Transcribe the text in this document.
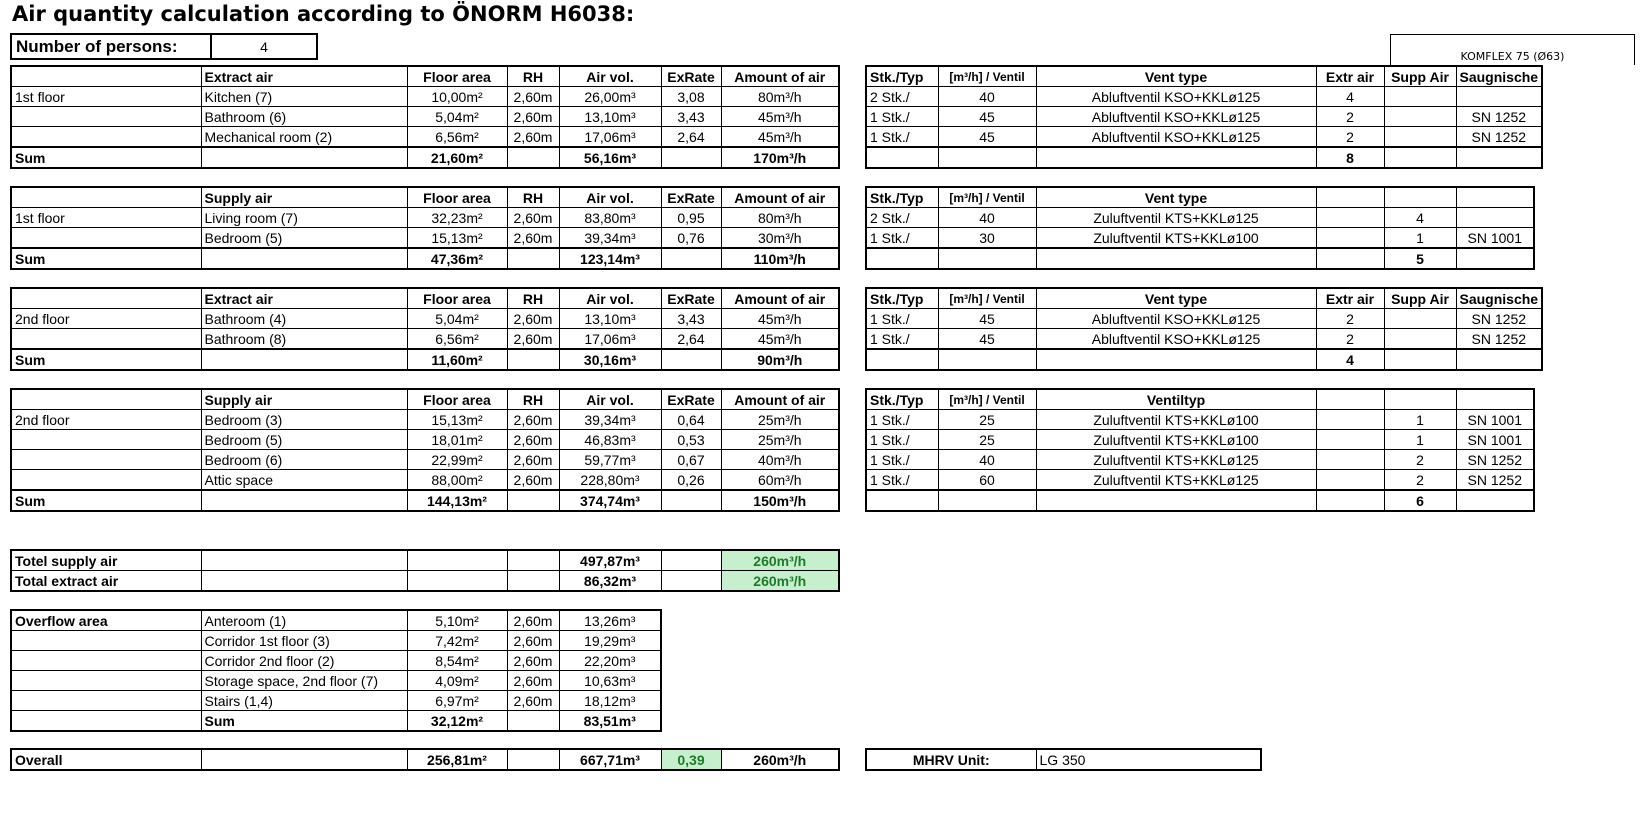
Air quantity calculation according to ÖNORM H6038:
Number of persons:	4
KOMFLEX 75 (Ø63)
	Extract air	Floor area	RH	Air vol.	ExRate	Amount of air
1st floor	Kitchen (7)	10,00m²	2,60m	26,00m³	3,08	80m³/h
	Bathroom (6)	5,04m²	2,60m	13,10m³	3,43	45m³/h
	Mechanical room (2)	6,56m²	2,60m	17,06m³	2,64	45m³/h
Sum		21,60m²		56,16m³		170m³/h
Stk./Typ	[m³/h] / Ventil	Vent type	Extr air	Supp Air	Saugnische
2 Stk./	40	Abluftventil KSO+KKLø125	4		
1 Stk./	45	Abluftventil KSO+KKLø125	2		SN 1252
1 Stk./	45	Abluftventil KSO+KKLø125	2		SN 1252
			8		
	Supply air	Floor area	RH	Air vol.	ExRate	Amount of air
1st floor	Living room (7)	32,23m²	2,60m	83,80m³	0,95	80m³/h
	Bedroom (5)	15,13m²	2,60m	39,34m³	0,76	30m³/h
Sum		47,36m²		123,14m³		110m³/h
Stk./Typ	[m³/h] / Ventil	Vent type			
2 Stk./	40	Zuluftventil KTS+KKLø125		4	
1 Stk./	30	Zuluftventil KTS+KKLø100		1	SN 1001
				5	
	Extract air	Floor area	RH	Air vol.	ExRate	Amount of air
2nd floor	Bathroom (4)	5,04m²	2,60m	13,10m³	3,43	45m³/h
	Bathroom (8)	6,56m²	2,60m	17,06m³	2,64	45m³/h
Sum		11,60m²		30,16m³		90m³/h
Stk./Typ	[m³/h] / Ventil	Vent type	Extr air	Supp Air	Saugnische
1 Stk./	45	Abluftventil KSO+KKLø125	2		SN 1252
1 Stk./	45	Abluftventil KSO+KKLø125	2		SN 1252
			4		
	Supply air	Floor area	RH	Air vol.	ExRate	Amount of air
2nd floor	Bedroom (3)	15,13m²	2,60m	39,34m³	0,64	25m³/h
	Bedroom (5)	18,01m²	2,60m	46,83m³	0,53	25m³/h
	Bedroom (6)	22,99m²	2,60m	59,77m³	0,67	40m³/h
	Attic space	88,00m²	2,60m	228,80m³	0,26	60m³/h
Sum		144,13m²		374,74m³		150m³/h
Stk./Typ	[m³/h] / Ventil	Ventiltyp			
1 Stk./	25	Zuluftventil KTS+KKLø100		1	SN 1001
1 Stk./	25	Zuluftventil KTS+KKLø100		1	SN 1001
1 Stk./	40	Zuluftventil KTS+KKLø125		2	SN 1252
1 Stk./	60	Zuluftventil KTS+KKLø125		2	SN 1252
				6	
Totel supply air				497,87m³		260m³/h
Total extract air				86,32m³		260m³/h
Overflow area	Anteroom (1)	5,10m²	2,60m	13,26m³
	Corridor 1st floor (3)	7,42m²	2,60m	19,29m³
	Corridor 2nd floor (2)	8,54m²	2,60m	22,20m³
	Storage space, 2nd floor (7)	4,09m²	2,60m	10,63m³
	Stairs (1,4)	6,97m²	2,60m	18,12m³
	Sum	32,12m²		83,51m³
Overall		256,81m²		667,71m³	0,39	260m³/h	MHRV Unit:	LG 350
